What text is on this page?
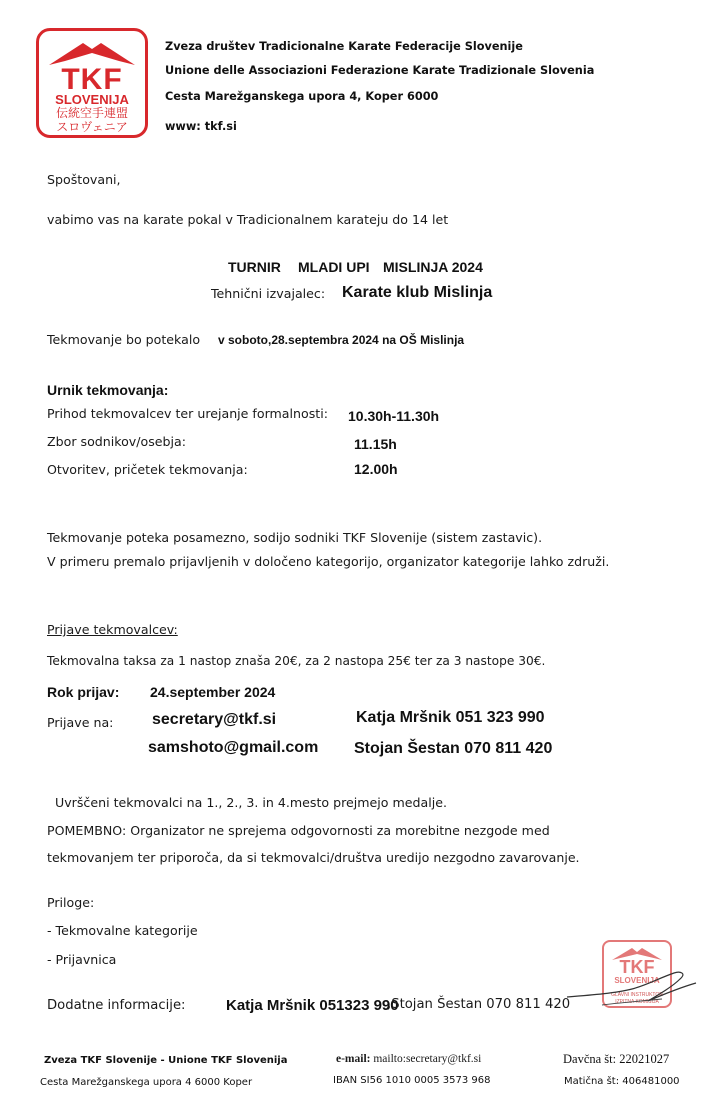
TKF
SLOVENIJA
伝統空手連盟
スロヴェニア
Zveza društev Tradicionalne Karate Federacije Slovenije
Unione delle Associazioni Federazione Karate Tradizionale Slovenia
Cesta Marežganskega upora 4, Koper 6000
www: tkf.si
Spoštovani,
vabimo vas na karate pokal v Tradicionalnem karateju do 14 let
TURNIR MLADI UPI MISLINJA 2024
Tehnični izvajalec: Karate klub Mislinja
Tekmovanje bo potekalo v soboto,28.septembra 2024 na OŠ Mislinja
Urnik tekmovanja:
Prihod tekmovalcev ter urejanje formalnosti: 10.30h-11.30h
Zbor sodnikov/osebja:	11.15h
Otvoritev, pričetek tekmovanja:	12.00h
Tekmovanje poteka posamezno, sodijo sodniki TKF Slovenije (sistem zastavic).
V primeru premalo prijavljenih v določeno kategorijo, organizator kategorije lahko združi.
Prijave tekmovalcev:
Tekmovalna taksa za 1 nastop znaša 20€, za 2 nastopa 25€ ter za 3 nastope 30€.
Rok prijav: 24.september 2024
Prijave na: secretary@tkf.si	Katja Mršnik 051 323 990
samshoto@gmail.com Stojan Šestan 070 811 420
Uvrščeni tekmovalci na 1., 2., 3. in 4.mesto prejmejo medalje.
POMEMBNO: Organizator ne sprejema odgovornosti za morebitne nezgode med
tekmovanjem ter priporoča, da si tekmovalci/društva uredijo nezgodno zavarovanje.
Priloge:
- Tekmovalne kategorije
- Prijavnica	TKF
SLOVENIJA
GLAVNI INSTRUKTOR
IZPITNA KOMISIJA
Dodatne informacije:	Katja Mršnik 051323 990
,Stojan Šestan 070 811 420
Zveza TKF Slovenije - Unione TKF Slovenija
Cesta Marežganskega upora 4 6000 Koper
e-mail: mailto:secretary@tkf.si
IBAN SI56 1010 0005 3573 968
Davčna št: 22021027
Matična št: 406481000
